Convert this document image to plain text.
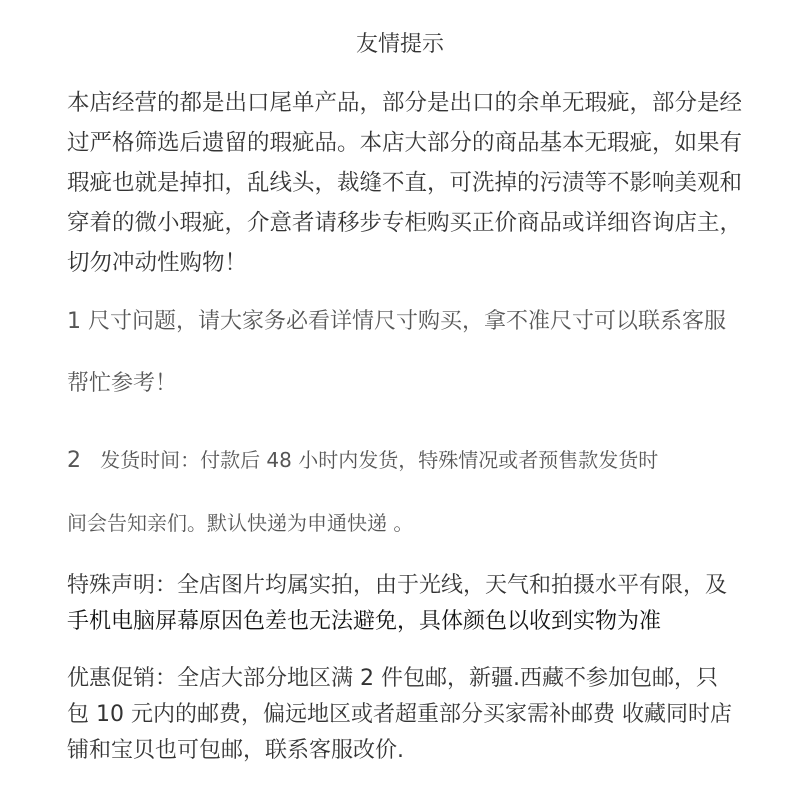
友情提示

本店经营的都是出口尾单产品，部分是出口的余单无瑕疵，部分是经

过严格筛选后遗留的瑕疵品。本店大部分的商品基本无瑕疵，如果有

瑕疵也就是掉扣，乱线头，裁缝不直，可洗掉的污渍等不影响美观和

穿着的微小瑕疵，介意者请移步专柜购买正价商品或详细咨询店主，

切勿冲动性购物！

1 尺寸问题，请大家务必看详情尺寸购买，拿不准尺寸可以联系客服

帮忙参考！

2 发货时间：付款后 48 小时内发货，特殊情况或者预售款发货时

间会告知亲们。默认快递为申通快递 。

特殊声明：全店图片均属实拍，由于光线，天气和拍摄水平有限，及

手机电脑屏幕原因色差也无法避免，具体颜色以收到实物为准

优惠促销：全店大部分地区满 2 件包邮，新疆.西藏不参加包邮，只

包 10 元内的邮费，偏远地区或者超重部分买家需补邮费 收藏同时店

铺和宝贝也可包邮，联系客服改价.
